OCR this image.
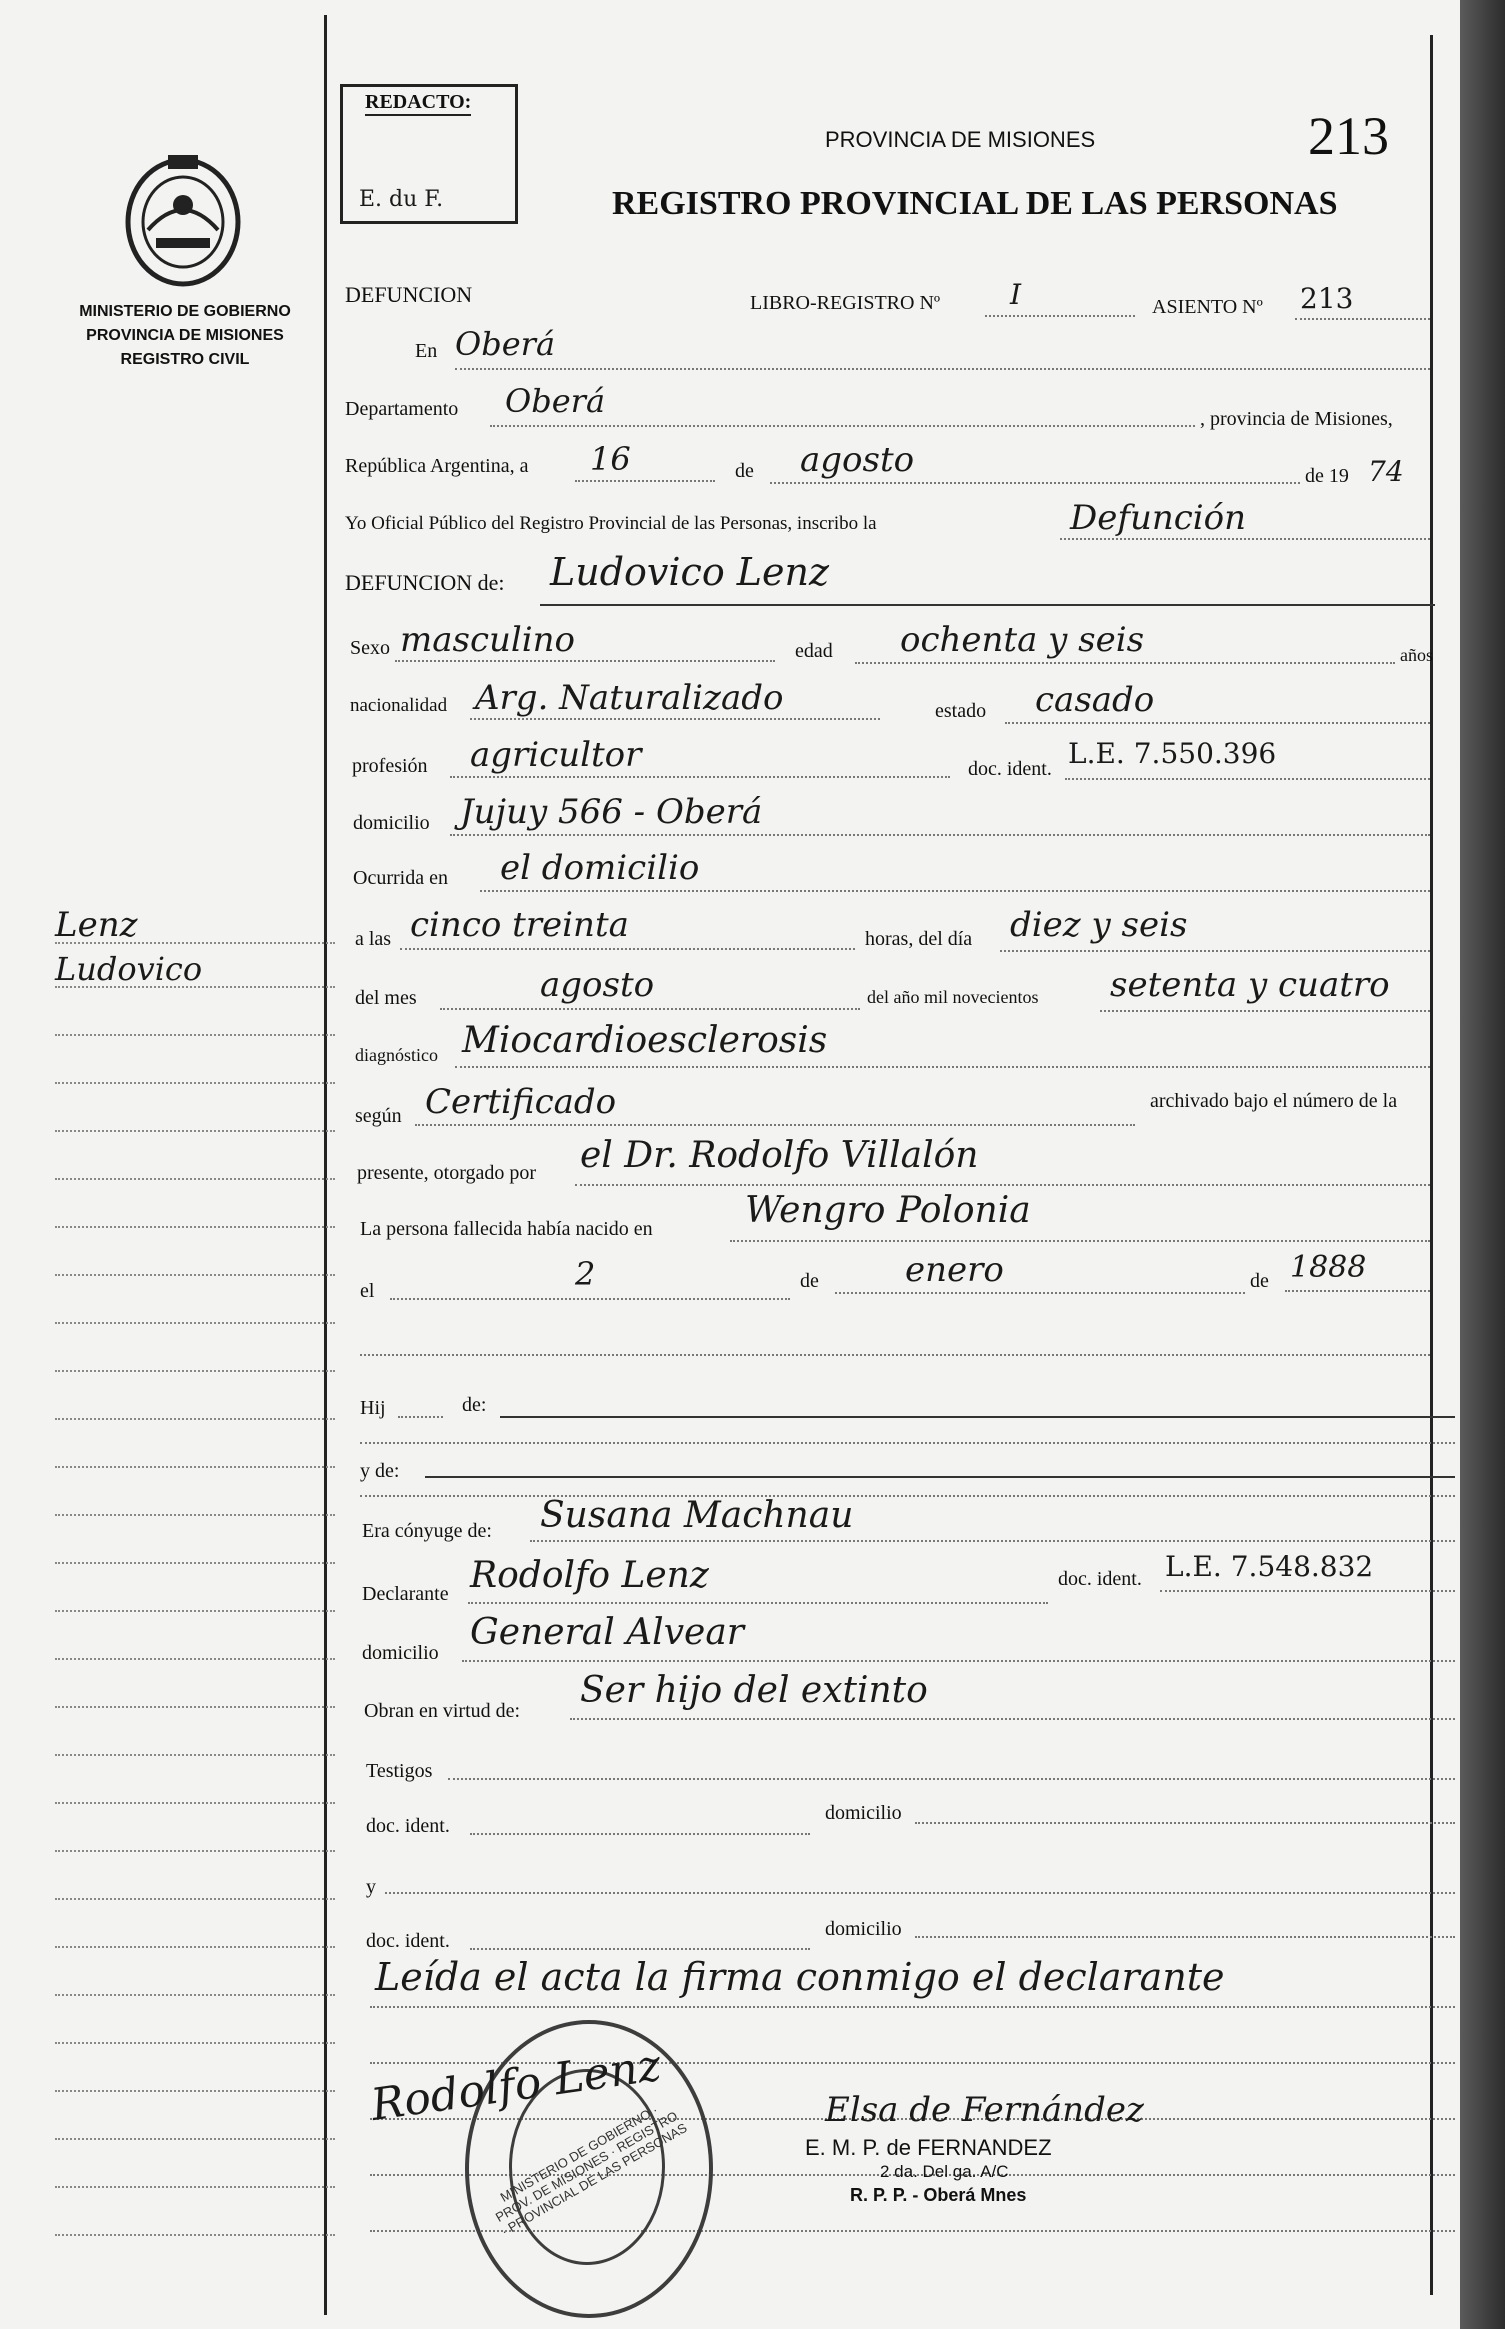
MINISTERIO DE GOBIERNO
PROVINCIA DE MISIONES
REGISTRO CIVIL
REDACTO:
E. du F.
PROVINCIA DE MISIONES	213
REGISTRO PROVINCIAL DE LAS PERSONAS
Lenz
Ludovico
DEFUNCION	LIBRO-REGISTRO Nº I	ASIENTO Nº 213
En Oberá
Departamento Oberá	, provincia de Misiones,
República Argentina, a 16	de agosto	de 19 74
Yo Oficial Público del Registro Provincial de las Personas, inscribo la	Defunción
DEFUNCION de: Ludovico Lenz
Sexo masculino	edad ochenta y seis	años
nacionalidad Arg. Naturalizado	estado casado
profesión agricultor	doc. ident. L.E. 7.550.396
domicilio Jujuy 566 - Oberá
Ocurrida en el domicilio
a las cinco treinta	horas, del día diez y seis
del mes	agosto	del año mil novecientos setenta y cuatro
diagnóstico Miocardioesclerosis
según Certificado	archivado bajo el número de la
presente, otorgado por el Dr. Rodolfo Villalón
La persona fallecida había nacido en	Wengro Polonia
el	2	de	enero	de 1888
Hij	de:
y de:
Era cónyuge de: Susana Machnau
Declarante Rodolfo Lenz	doc. ident. L.E. 7.548.832
domicilio General Alvear
Obran en virtud de: Ser hijo del extinto
Testigos
doc. ident.
domicilio
y
doc. ident.
domicilio
Leída el acta la firma conmigo el declarante
MINISTERIO DE GOBIERNO · PROV. DE MISIONES · REGISTRO · PROVINCIAL DE LAS PERSONAS
Rodolfo Lenz	Elsa de Fernández
E. M. P. de FERNANDEZ
2 da. Del ga. A/C
R. P. P. - Oberá Mnes
